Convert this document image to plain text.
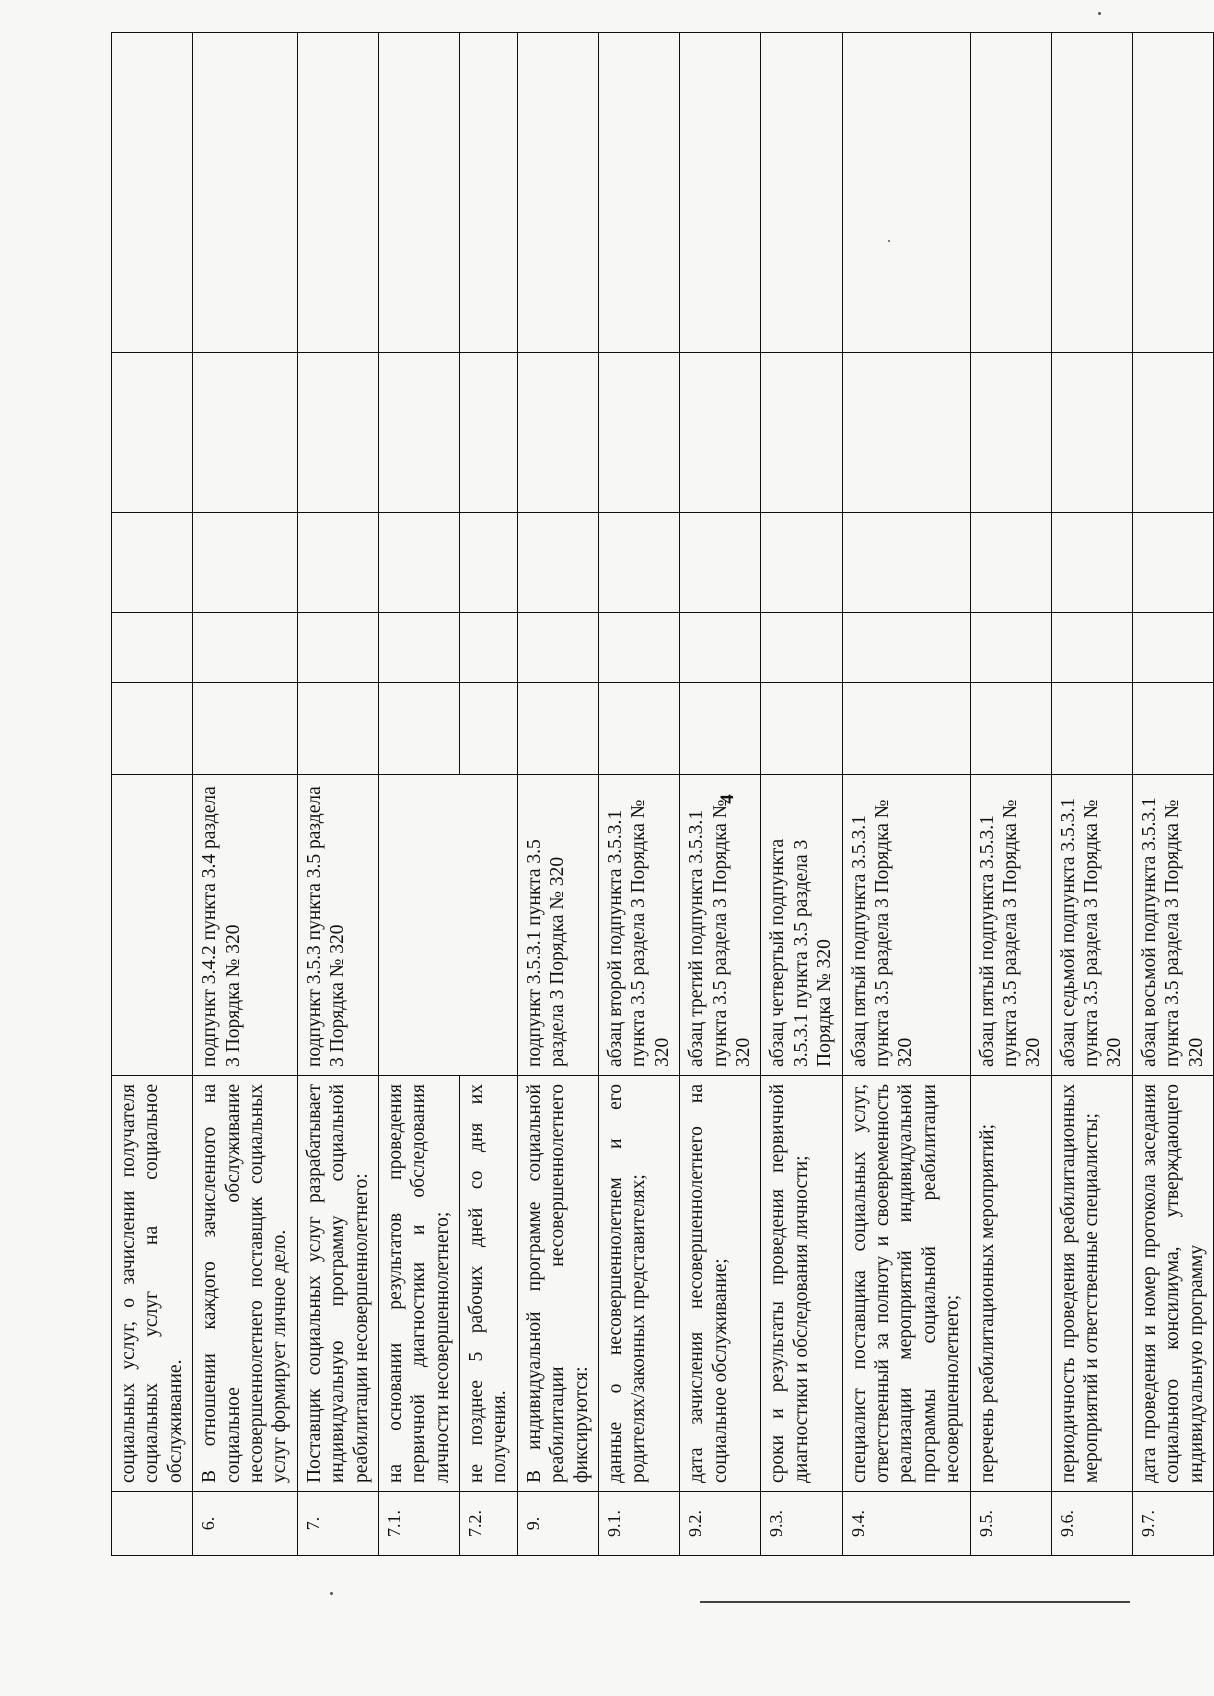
4
	социальных услуг, о зачислении получателя социальных услуг на социальное обслуживание.						
6.	В отношении каждого зачисленного на социальное обслуживание несовершеннолетнего поставщик социальных услуг формирует личное дело.	подпункт 3.4.2 пункта 3.4 раздела 3 Порядка № 320					
7.	Поставщик социальных услуг разрабатывает индивидуальную программу социальной реабилитации несовершеннолетнего:	подпункт 3.5.3 пункта 3.5 раздела 3 Порядка № 320					
7.1.	на основании результатов проведения первичной диагностики и обследования личности несовершеннолетнего;						
7.2.	не позднее 5 рабочих дней со дня их получения.						
9.	В индивидуальной программе социальной реабилитации несовершеннолетнего фиксируются:	подпункт 3.5.3.1 пункта 3.5 раздела 3 Порядка № 320					
9.1.	данные о несовершеннолетнем и его родителях/законных представителях;	абзац второй подпункта 3.5.3.1 пункта 3.5 раздела 3 Порядка № 320					
9.2.	дата зачисления несовершеннолетнего на социальное обслуживание;	абзац третий подпункта 3.5.3.1 пункта 3.5 раздела 3 Порядка № 320					
9.3.	сроки и результаты проведения первичной диагностики и обследования личности;	абзац четвертый подпункта 3.5.3.1 пункта 3.5 раздела 3 Порядка № 320					
9.4.	специалист поставщика социальных услуг, ответственный за полноту и своевременность реализации мероприятий индивидуальной программы социальной реабилитации несовершеннолетнего;	абзац пятый подпункта 3.5.3.1 пункта 3.5 раздела 3 Порядка № 320					
9.5.	перечень реабилитационных мероприятий;	абзац пятый подпункта 3.5.3.1 пункта 3.5 раздела 3 Порядка № 320					
9.6.	периодичность проведения реабилитационных мероприятий и ответственные специалисты;	абзац седьмой подпункта 3.5.3.1 пункта 3.5 раздела 3 Порядка № 320					
9.7.	дата проведения и номер протокола заседания социального консилиума, утверждающего индивидуальную программу	абзац восьмой подпункта 3.5.3.1 пункта 3.5 раздела 3 Порядка № 320					
